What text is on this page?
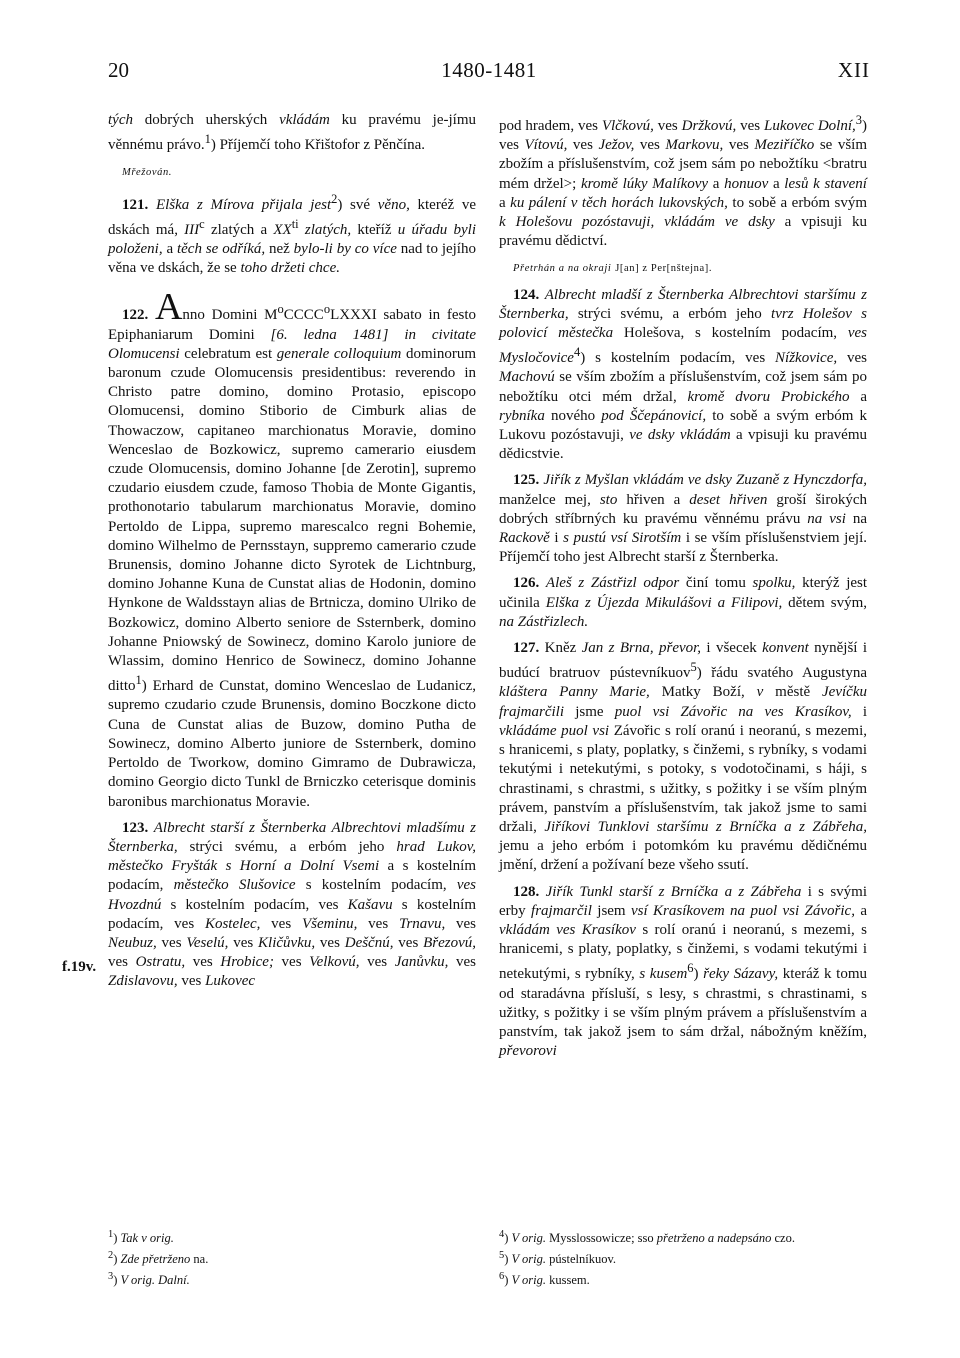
20	1480-1481	XII
f.19v.

tých dobrých uherských vkládám ku pravému je-jímu věnnému právo.$^1$) Příjemčí toho Křištofor z Pěnčína.

Mřežován.

121. Elška z Mírova přijala jest$^2$) své věno, kteréž ve dskách má, III$^c$ zlatých a $XX^{ti}$ zlatých, kteříž u úřadu byli položeni, a těch se odříká, než bylo-li by co více nad to jejího věna ve dskách, že se toho držeti chce.

122. Anno Domini $M^oCCCC^oLXXXI$ sabato in festo Epiphaniarum Domini [6. ledna 1481] in civitate Olomucensi celebratum est generale colloquium dominorum baronum czude Olomucensis presidentibus: reverendo in Christo patre domino, domino Protasio, episcopo Olomucensi, domino Stiborio de Cimburk alias de Thowaczow, capitaneo marchionatus Moravie, domino Wenceslao de Bozkowicz, supremo camerario eiusdem czude Olomucensis, domino Johanne [de Zerotin], supremo czudario eiusdem czude, famoso Thobia de Monte Gigantis, prothonotario tabularum marchionatus Moravie, domino Pertoldo de Lippa, supremo marescalco regni Bohemie, domino Wilhelmo de Pernsstayn, suppremo camerario czude Brunensis, domino Johanne dicto Syrotek de Lichtnburg, domino Johanne Kuna de Cunstat alias de Hodonin, domino Hynkone de Waldsstayn alias de Brtnicza, domino Ulriko de Bozkowicz, domino Alberto seniore de Ssternberk, domino Johanne Pniowský de Sowinecz, domino Karolo juniore de Wlassim, domino Henrico de Sowinecz, domino Johanne ditto$^1$) Erhard de Cunstat, domino Wenceslao de Ludanicz, supremo czudario czude Brunensis, domino Boczkone dicto Cuna de Cunstat alias de Buzow, domino Putha de Sowinecz, domino Alberto juniore de Ssternberk, domino Pertoldo de Tworkow, domino Gimramo de Dubrawicza, domino Georgio dicto Tunkl de Brniczko ceterisque dominis baronibus marchionatus Moravie.

123. Albrecht starší z Šternberka Albrechtovi mladšímu z Šternberka, strýci svému, a erbóm jeho hrad Lukov, městečko Fryšták s Horní a Dolní Vsemi a s kostelním podacím, městečko Slušovice s kostelním podacím, ves Hvozdnú s kostelním podacím, ves Kašavu s kostelním podacím, ves Kostelec, ves Všeminu, ves Trnavu, ves Neubuz, ves Veselú, ves Kličůvku, ves Deščnú, ves Březovú, ves Ostratu, ves Hrobice; ves Velkovú, ves Janůvku, ves Zdislavovu, ves Lukovec

pod hradem, ves Vlčkovú, ves Držkovú, ves Lukovec Dolní,$^3$) ves Vítovú, ves Ježov, ves Markovu, ves Meziříčko se vším zbožím a příslušenstvím, což jsem sám po nebožtíku <bratru mém držel>; kromě lúky Malíkovy a honuov a lesů k stavení a ku pálení v těch horách lukovských, to sobě a erbóm svým k Holešovu pozóstavuji, vkládám ve dsky a vpisuji ku pravému dědictví.

Přetrhán a na okraji J[an] z Per[nštejna].

124. Albrecht mladší z Šternberka Albrechtovi staršímu z Šternberka, strýci svému, a erbóm jeho tvrz Holešov s polovicí městečka Holešova, s kostelním podacím, ves Mysločovice$^4$) s kostelním podacím, ves Nížkovice, ves Machovú se vším zbožím a příslušenstvím, což jsem sám po nebožtíku otci mém držal, kromě dvoru Probického a rybníka nového pod Ščepánovicí, to sobě a svým erbóm k Lukovu pozóstavuji, ve dsky vkládám a vpisuji ku pravému dědicstvie.

125. Jiřík z Myšlan vkládám ve dsky Zuzaně z Hynczdorfa, manželce mej, sto hřiven a deset hřiven groší širokých dobrých stříbrných ku pravému věnnému právu na vsi na Rackově i s pustú vsí Sirotším i se vším příslušenstviem její. Příjemčí toho jest Albrecht starší z Šternberka.

126. Aleš z Zástřizl odpor činí tomu spolku, kterýž jest učinila Elška z Újezda Mikulášovi a Filipovi, dětem svým, na Zástřizlech.

127. Kněz Jan z Brna, převor, i všecek konvent nynější i budúcí bratruov pústevníkuov$^5$) řádu svatého Augustyna kláštera Panny Marie, Matky Boží, v městě Jevíčku frajmarčili jsme puol vsi Závořic na ves Krasíkov, i vkládáme puol vsi Závořic s rolí oranú i neoranú, s mezemi, s hranicemi, s platy, poplatky, s činžemi, s rybníky, s vodami tekutými i netekutými, s potoky, s vodotočinami, s háji, s chrastinami, s chrastmi, s užitky, s požitky i se vším plným právem, panstvím a příslušenstvím, tak jakož jsme to sami držali, Jiříkovi Tunklovi staršímu z Brníčka a z Zábřeha, jemu a jeho erbóm i potomkóm ku pravému dědičnému jmění, držení a požívaní beze všeho ssutí.

128. Jiřík Tunkl starší z Brníčka a z Zábřeha i s svými erby frajmarčil jsem vsí Krasíkovem na puol vsi Závořic, a vkládám ves Krasíkov s rolí oranú i neoranú, s mezemi, s hranicemi, s platy, poplatky, s činžemi, s vodami tekutými i netekutými, s rybníky, s kusem$^6$) řeky Sázavy, kteráž k tomu od staradávna přísluší, s lesy, s chrastmi, s chrastinami, s užitky, s požitky i se vším plným právem a příslušenstvím a panstvím, tak jakož jsem to sám držal, nábožným kněžím, převorovi

$^1$) Tak v orig.
$^2$) Zde přetrženo na.
$^3$) V orig. Dalní.
$^4$) V orig. Mysslossowicze; sso přetrženo a nadepsáno czo.
$^5$) V orig. pústelníkuov.
$^6$) V orig. kussem.
